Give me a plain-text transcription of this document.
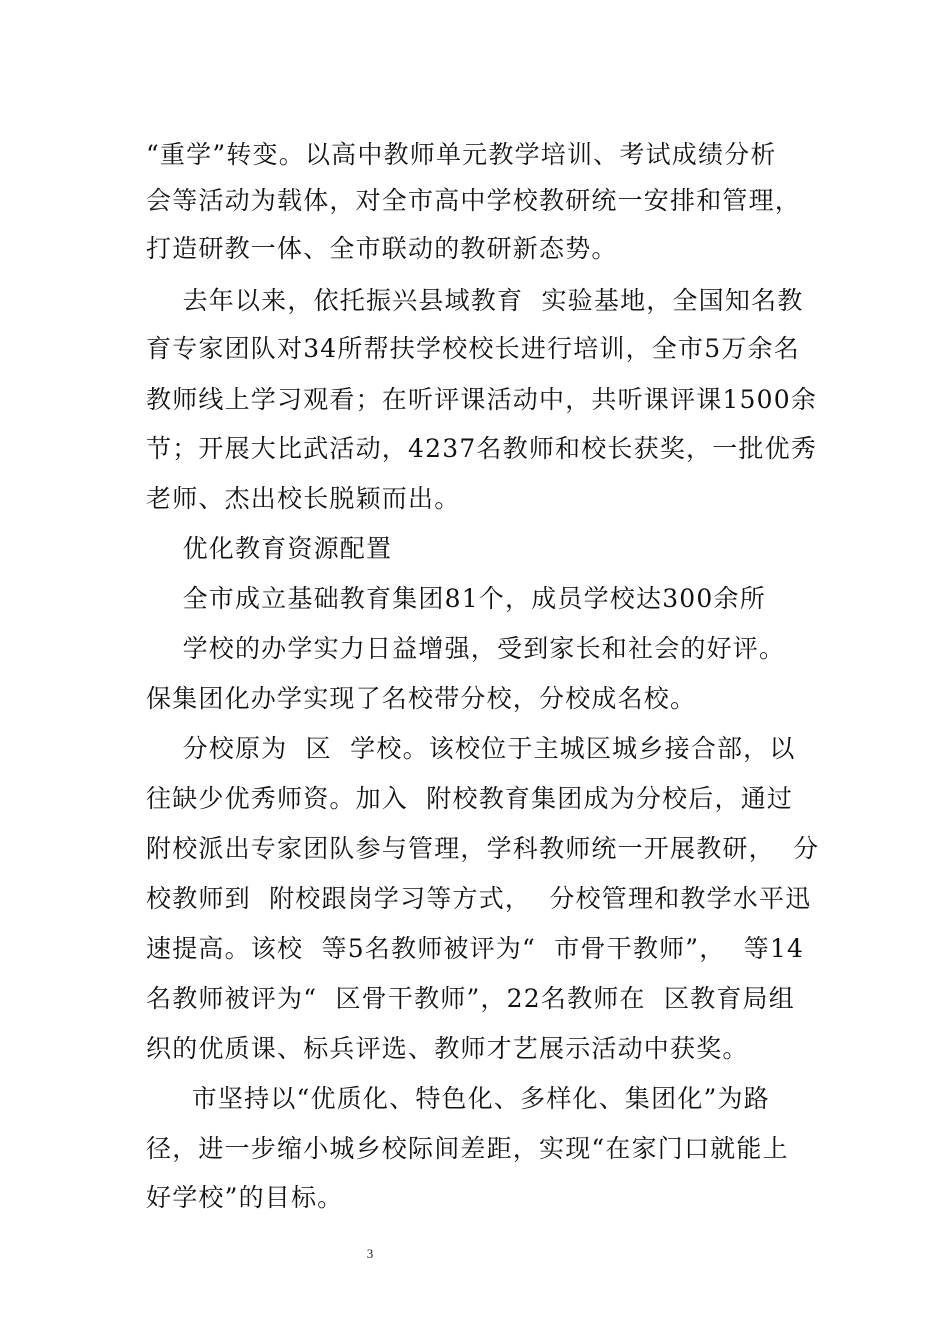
“重学”转变。以高中教师单元教学培训、考试成绩分析

会等活动为载体，对全市高中学校教研统一安排和管理，

打造研教一体、全市联动的教研新态势。

去年以来，依托振兴县域教育  实验基地，全国知名教

育专家团队对34所帮扶学校校长进行培训，全市5万余名

教师线上学习观看；在听评课活动中，共听课评课1500余

节；开展大比武活动，4237名教师和校长获奖，一批优秀

老师、杰出校长脱颖而出。

优化教育资源配置

全市成立基础教育集团81个，成员学校达300余所

学校的办学实力日益增强，受到家长和社会的好评。

保集团化办学实现了名校带分校，分校成名校。

分校原为  区  学校。该校位于主城区城乡接合部，以

往缺少优秀师资。加入  附校教育集团成为分校后，通过

附校派出专家团队参与管理，学科教师统一开展教研，  分

校教师到  附校跟岗学习等方式，  分校管理和教学水平迅

速提高。该校  等5名教师被评为“  市骨干教师”，  等14

名教师被评为“  区骨干教师”，22名教师在  区教育局组

织的优质课、标兵评选、教师才艺展示活动中获奖。

市坚持以“优质化、特色化、多样化、集团化”为路

径，进一步缩小城乡校际间差距，实现“在家门口就能上

好学校”的目标。

3
